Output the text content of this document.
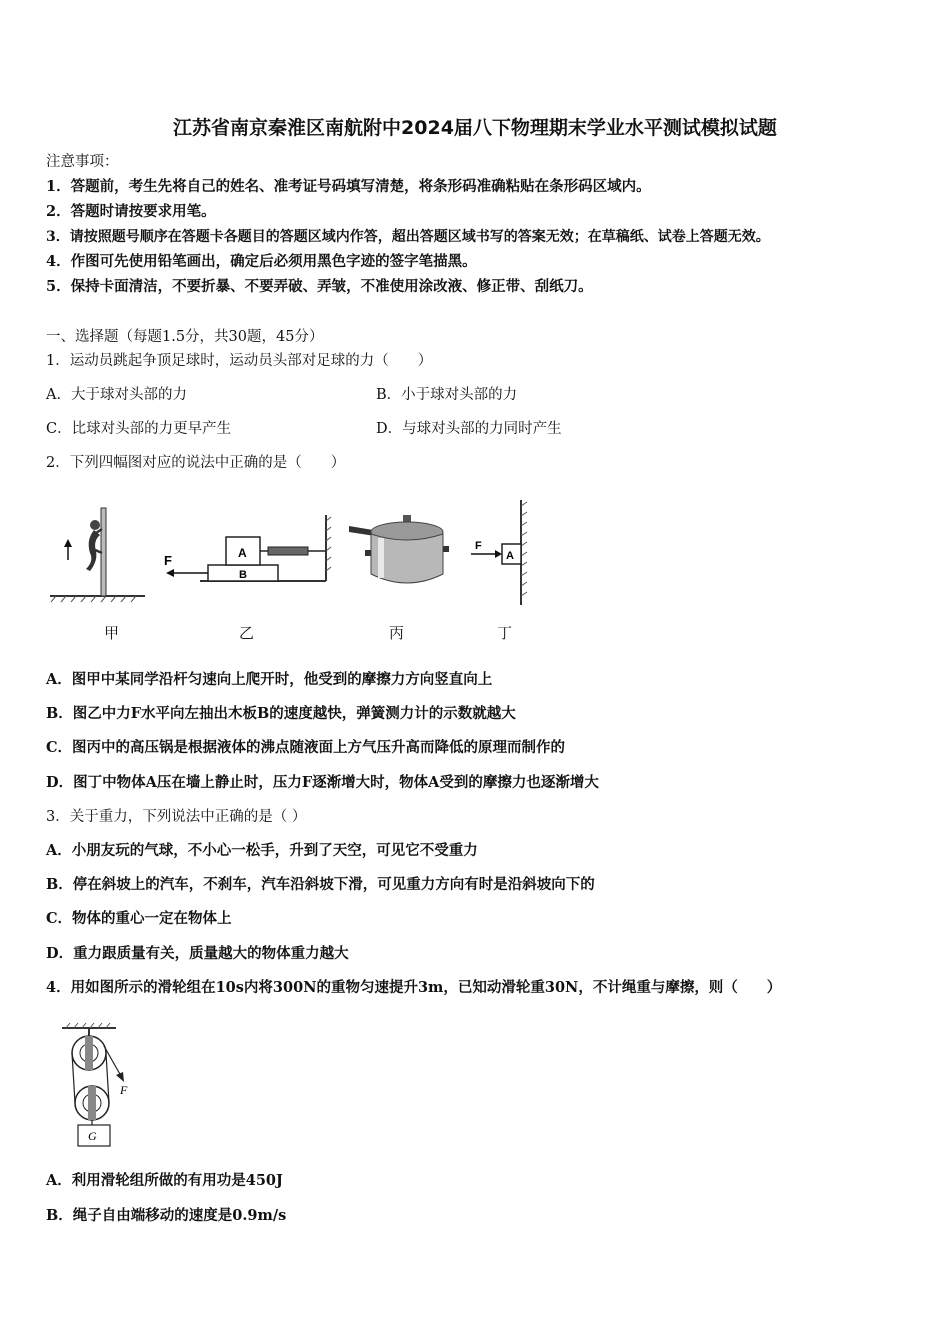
江苏省南京秦淮区南航附中2024届八下物理期末学业水平测试模拟试题
注意事项：
1．答题前，考生先将自己的姓名、准考证号码填写清楚，将条形码准确粘贴在条形码区域内。
2．答题时请按要求用笔。
3．请按照题号顺序在答题卡各题目的答题区域内作答，超出答题区域书写的答案无效；在草稿纸、试卷上答题无效。
4．作图可先使用铅笔画出，确定后必须用黑色字迹的签字笔描黑。
5．保持卡面清洁，不要折暴、不要弄破、弄皱，不准使用涂改液、修正带、刮纸刀。
一、选择题（每题1.5分，共30题，45分）
1．运动员跳起争顶足球时，运动员头部对足球的力（　　）
A．大于球对头部的力	B．小于球对头部的力
C．比球对头部的力更早产生	D．与球对头部的力同时产生
2．下列四幅图对应的说法中正确的是（　　）
F	A
B
F
A
甲	乙	丙	丁
A．图甲中某同学沿杆匀速向上爬开时，他受到的摩擦力方向竖直向上
B．图乙中力F水平向左抽出木板B的速度越快，弹簧测力计的示数就越大
C．图丙中的高压锅是根据液体的沸点随液面上方气压升高而降低的原理而制作的
D．图丁中物体A压在墙上静止时，压力F逐渐增大时，物体A受到的摩擦力也逐渐增大
3．关于重力，下列说法中正确的是（ ）
A．小朋友玩的气球，不小心一松手，升到了天空，可见它不受重力
B．停在斜坡上的汽车，不刹车，汽车沿斜坡下滑，可见重力方向有时是沿斜坡向下的
C．物体的重心一定在物体上
D．重力跟质量有关，质量越大的物体重力越大
4．用如图所示的滑轮组在10s内将300N的重物匀速提升3m，已知动滑轮重30N，不计绳重与摩擦，则（　　）
F
G
A．利用滑轮组所做的有用功是450J
B．绳子自由端移动的速度是0.9m/s
